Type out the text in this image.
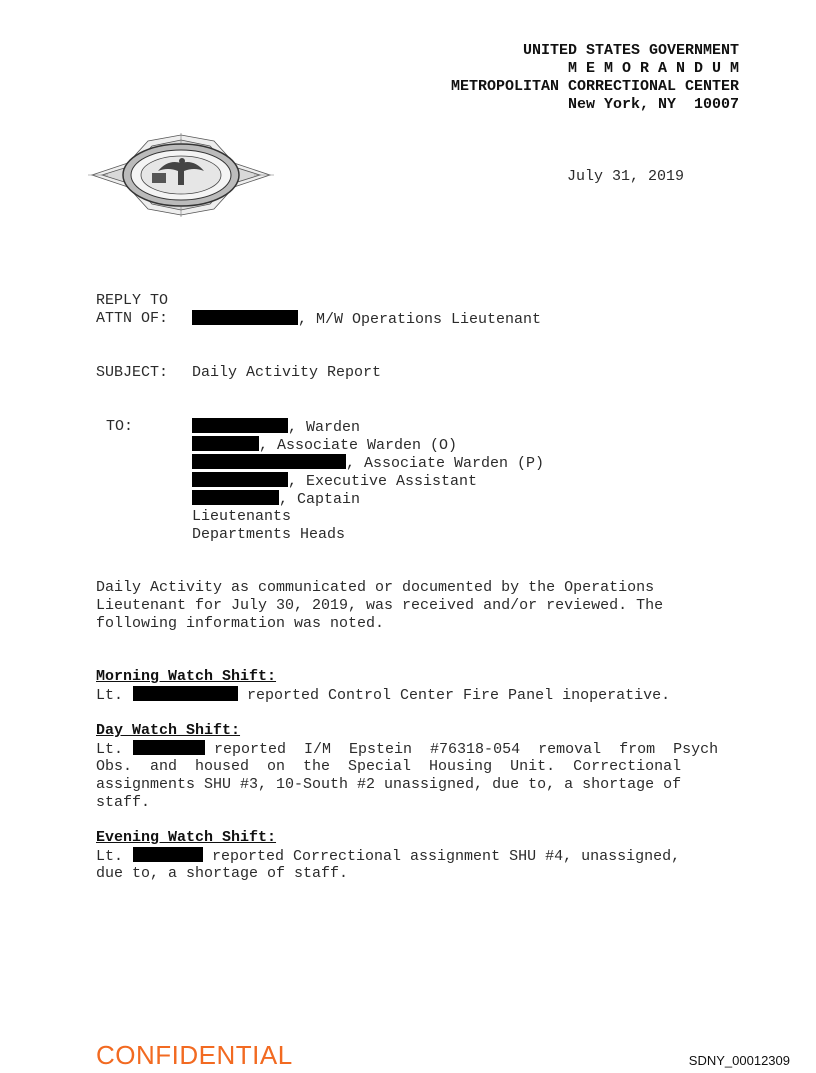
UNITED STATES GOVERNMENT
M E M O R A N D U M
METROPOLITAN CORRECTIONAL CENTER
New York, NY  10007
July 31, 2019
REPLY TO
ATTN OF:	, M/W Operations Lieutenant
SUBJECT: Daily Activity Report
TO:	, Warden
, Associate Warden (O)
, Associate Warden (P)
, Executive Assistant
, Captain
Lieutenants
Departments Heads
Daily Activity as communicated or documented by the Operations
Lieutenant for July 30, 2019, was received and/or reviewed. The
following information was noted.
Morning Watch Shift:
Lt.	reported Control Center Fire Panel inoperative.
Day Watch Shift:
Lt.	reported  I/M  Epstein  #76318-054  removal  from  Psych
Obs.  and  housed  on  the  Special  Housing  Unit.  Correctional
assignments SHU #3, 10-South #2 unassigned, due to, a shortage of
staff.
Evening Watch Shift:
Lt.	reported Correctional assignment SHU #4, unassigned,
due to, a shortage of staff.
CONFIDENTIAL	SDNY_00012309
